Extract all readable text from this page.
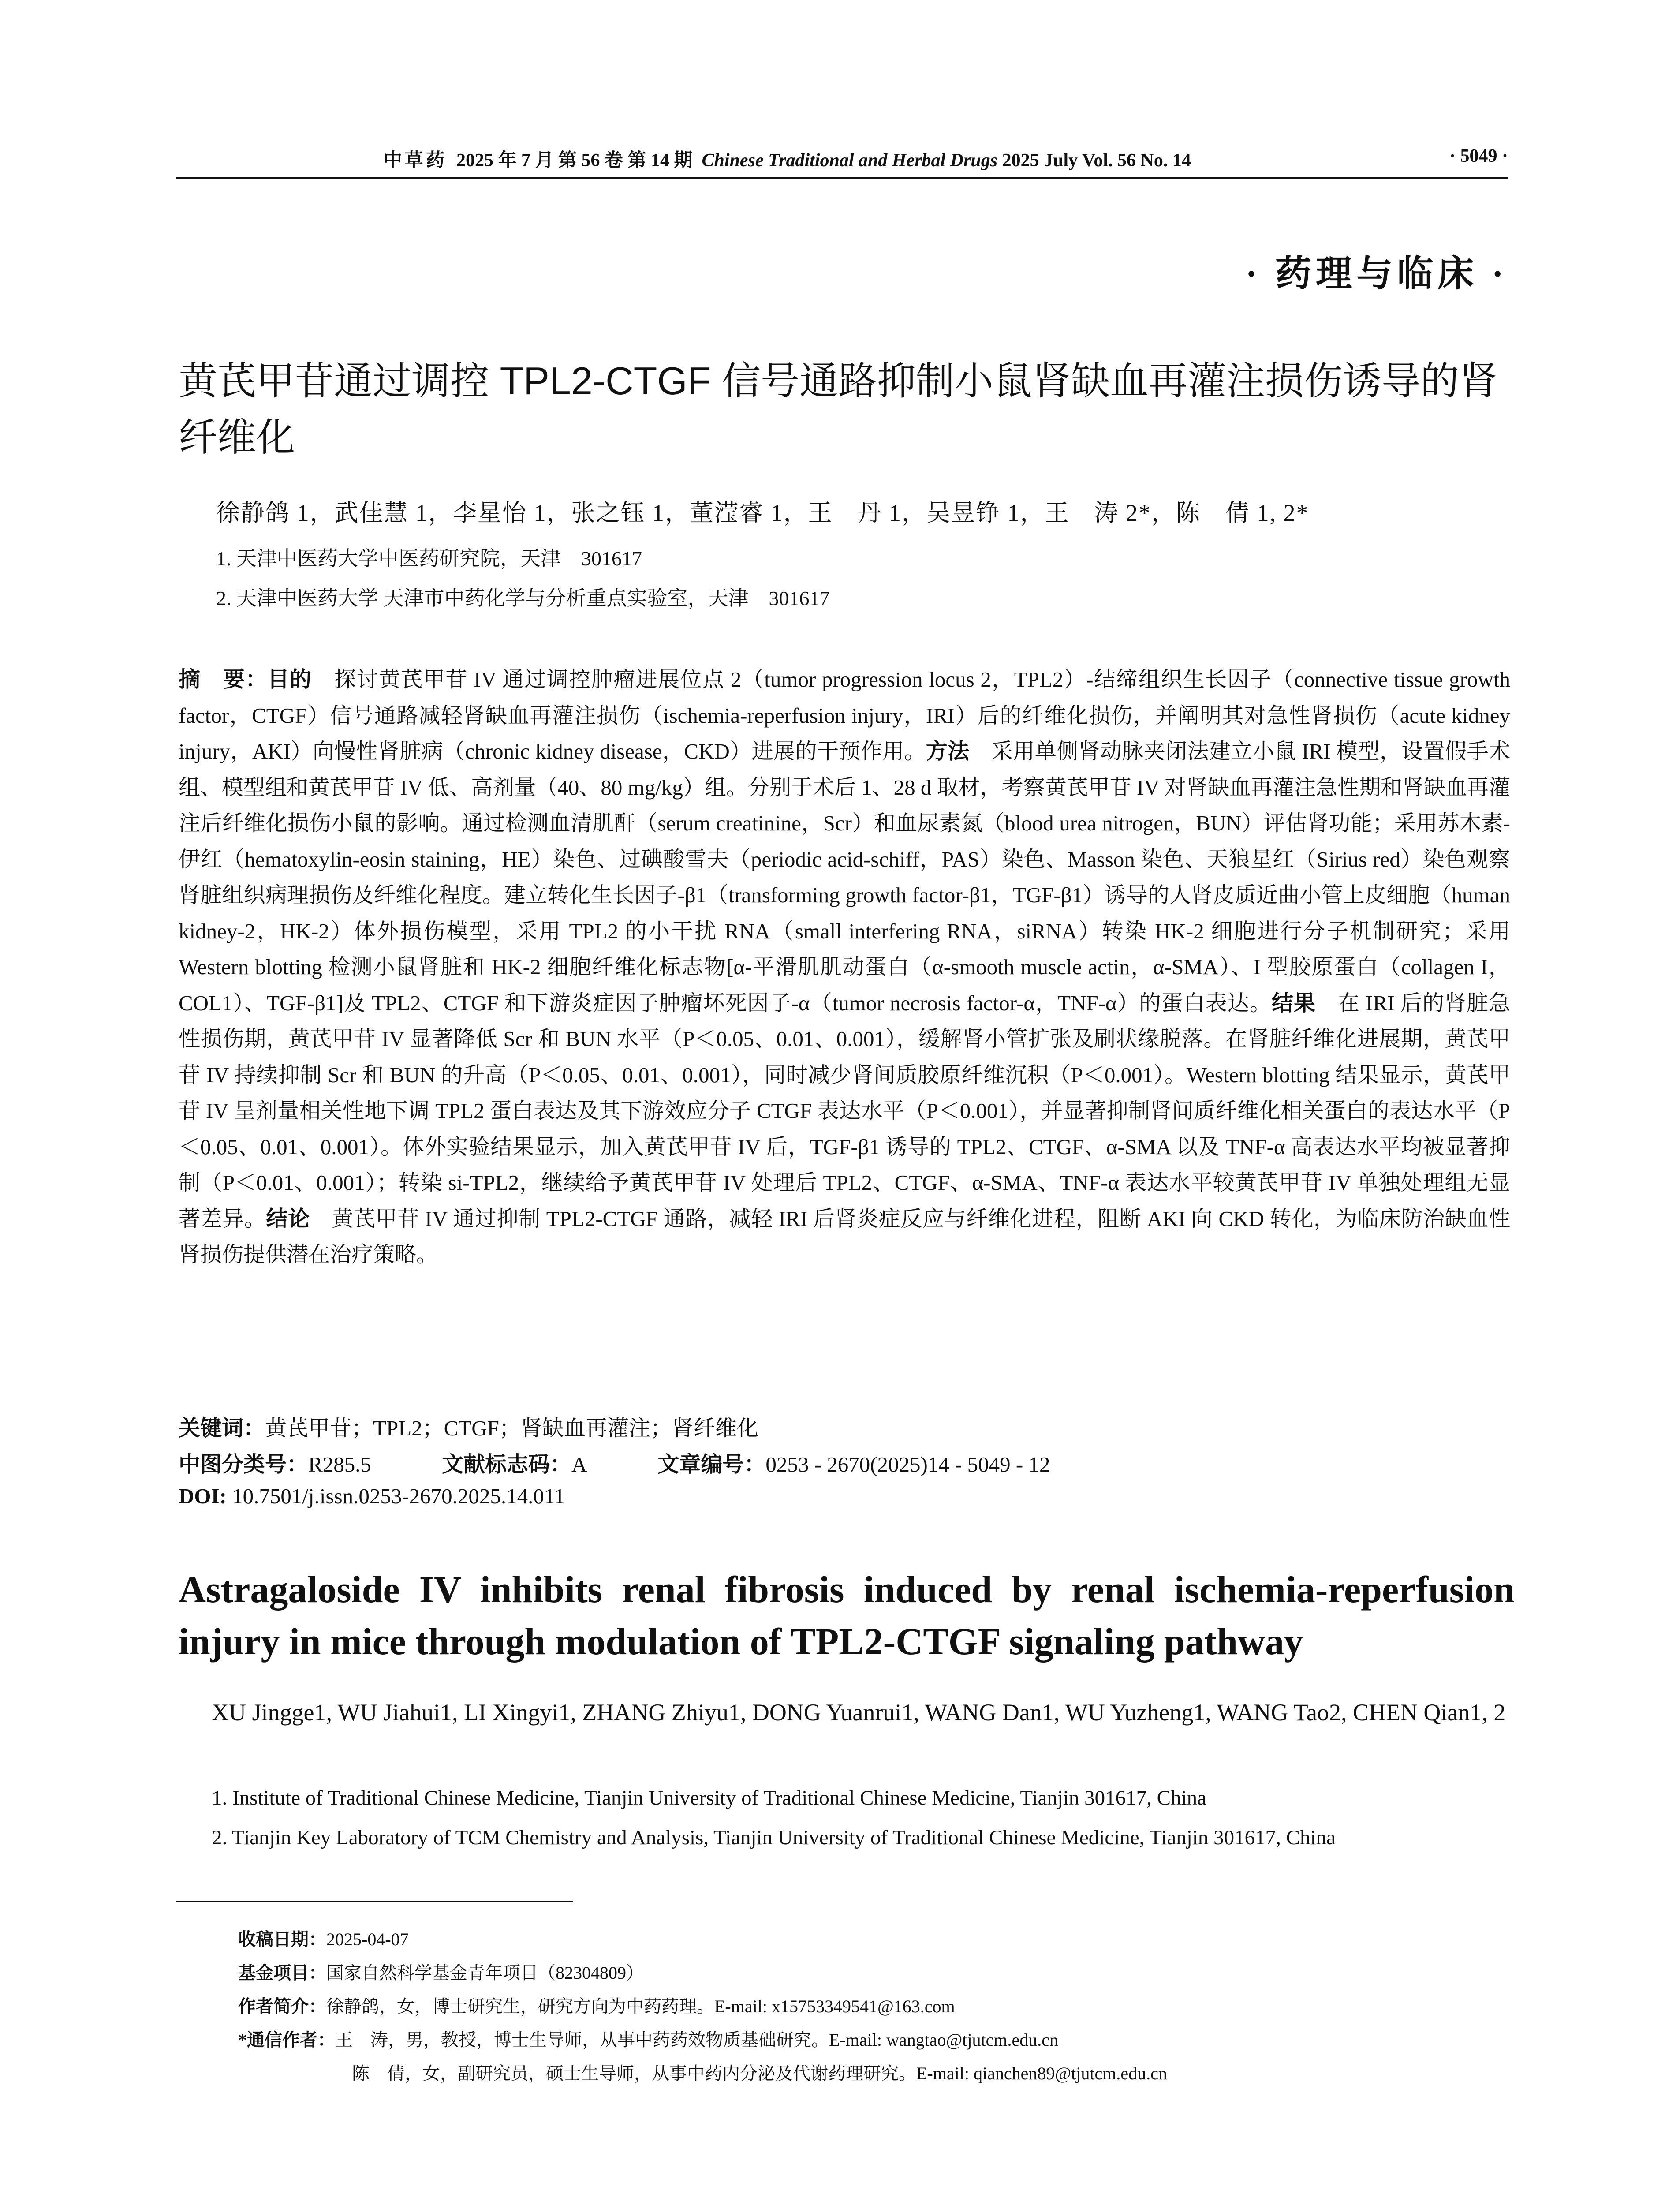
中草药 2025 年 7 月 第 56 卷 第 14 期 Chinese Traditional and Herbal Drugs 2025 July Vol. 56 No. 14	· 5049 ·
· 药理与临床 ·
黄芪甲苷通过调控 TPL2-CTGF 信号通路抑制小鼠肾缺血再灌注损伤诱导的肾纤维化
徐静鸽 1，武佳慧 1，李星怡 1，张之钰 1，董滢睿 1，王　丹 1，吴昱铮 1，王　涛 2*，陈　倩 1, 2*
1. 天津中医药大学中医药研究院，天津　301617
2. 天津中医药大学 天津市中药化学与分析重点实验室，天津　301617

摘　要：目的　探讨黄芪甲苷 IV 通过调控肿瘤进展位点 2（tumor progression locus 2，TPL2）-结缔组织生长因子（connective tissue growth factor，CTGF）信号通路减轻肾缺血再灌注损伤（ischemia-reperfusion injury，IRI）后的纤维化损伤，并阐明其对急性肾损伤（acute kidney injury，AKI）向慢性肾脏病（chronic kidney disease，CKD）进展的干预作用。方法　采用单侧肾动脉夹闭法建立小鼠 IRI 模型，设置假手术组、模型组和黄芪甲苷 IV 低、高剂量（40、80 mg/kg）组。分别于术后 1、28 d 取材，考察黄芪甲苷 IV 对肾缺血再灌注急性期和肾缺血再灌注后纤维化损伤小鼠的影响。通过检测血清肌酐（serum creatinine，Scr）和血尿素氮（blood urea nitrogen，BUN）评估肾功能；采用苏木素-伊红（hematoxylin-eosin staining，HE）染色、过碘酸雪夫（periodic acid-schiff，PAS）染色、Masson 染色、天狼星红（Sirius red）染色观察肾脏组织病理损伤及纤维化程度。建立转化生长因子-β1（transforming growth factor-β1，TGF-β1）诱导的人肾皮质近曲小管上皮细胞（human kidney-2，HK-2）体外损伤模型，采用 TPL2 的小干扰 RNA（small interfering RNA，siRNA）转染 HK-2 细胞进行分子机制研究；采用 Western blotting 检测小鼠肾脏和 HK-2 细胞纤维化标志物[α-平滑肌肌动蛋白（α-smooth muscle actin，α-SMA）、I 型胶原蛋白（collagen I，COL1）、TGF-β1]及 TPL2、CTGF 和下游炎症因子肿瘤坏死因子-α（tumor necrosis factor-α，TNF-α）的蛋白表达。结果　在 IRI 后的肾脏急性损伤期，黄芪甲苷 IV 显著降低 Scr 和 BUN 水平（P＜0.05、0.01、0.001），缓解肾小管扩张及刷状缘脱落。在肾脏纤维化进展期，黄芪甲苷 IV 持续抑制 Scr 和 BUN 的升高（P＜0.05、0.01、0.001），同时减少肾间质胶原纤维沉积（P＜0.001）。Western blotting 结果显示，黄芪甲苷 IV 呈剂量相关性地下调 TPL2 蛋白表达及其下游效应分子 CTGF 表达水平（P＜0.001），并显著抑制肾间质纤维化相关蛋白的表达水平（P＜0.05、0.01、0.001）。体外实验结果显示，加入黄芪甲苷 IV 后，TGF-β1 诱导的 TPL2、CTGF、α-SMA 以及 TNF-α 高表达水平均被显著抑制（P＜0.01、0.001）；转染 si-TPL2，继续给予黄芪甲苷 IV 处理后 TPL2、CTGF、α-SMA、TNF-α 表达水平较黄芪甲苷 IV 单独处理组无显著差异。结论　黄芪甲苷 IV 通过抑制 TPL2-CTGF 通路，减轻 IRI 后肾炎症反应与纤维化进程，阻断 AKI 向 CKD 转化，为临床防治缺血性肾损伤提供潜在治疗策略。

关键词：黄芪甲苷；TPL2；CTGF；肾缺血再灌注；肾纤维化
中图分类号：R285.5	文献标志码：A	文章编号：0253 - 2670(2025)14 - 5049 - 12
DOI: 10.7501/j.issn.0253-2670.2025.14.011
Astragaloside IV inhibits renal fibrosis induced by renal ischemia-reperfusion injury in mice through modulation of TPL2-CTGF signaling pathway
XU Jingge1, WU Jiahui1, LI Xingyi1, ZHANG Zhiyu1, DONG Yuanrui1, WANG Dan1, WU Yuzheng1, WANG Tao2, CHEN Qian1, 2
1. Institute of Traditional Chinese Medicine, Tianjin University of Traditional Chinese Medicine, Tianjin 301617, China
2. Tianjin Key Laboratory of TCM Chemistry and Analysis, Tianjin University of Traditional Chinese Medicine, Tianjin 301617, China
收稿日期：2025-04-07
基金项目：国家自然科学基金青年项目（82304809）
作者简介：徐静鸽，女，博士研究生，研究方向为中药药理。E-mail: x15753349541@163.com
*通信作者：王　涛，男，教授，博士生导师，从事中药药效物质基础研究。E-mail: wangtao@tjutcm.edu.cn
陈　倩，女，副研究员，硕士生导师，从事中药内分泌及代谢药理研究。E-mail: qianchen89@tjutcm.edu.cn
